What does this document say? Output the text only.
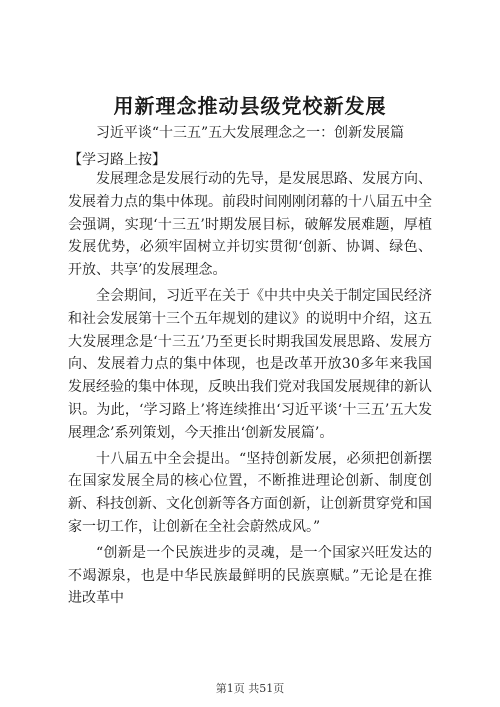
用新理念推动县级党校新发展
习近平谈“十三五”五大发展理念之一：创新发展篇
【学习路上按】

发展理念是发展行动的先导，是发展思路、发展方向、发展着力点的集中体现。前段时间刚刚闭幕的十八届五中全会强调，实现‘十三五’时期发展目标，破解发展难题，厚植发展优势，必须牢固树立并切实贯彻‘创新、协调、绿色、开放、共享’的发展理念。

全会期间，习近平在关于《中共中央关于制定国民经济和社会发展第十三个五年规划的建议》的说明中介绍，这五大发展理念是‘十三五’乃至更长时期我国发展思路、发展方向、发展着力点的集中体现，也是改革开放30多年来我国发展经验的集中体现，反映出我们党对我国发展规律的新认识。为此，‘学习路上’将连续推出‘习近平谈‘十三五’五大发展理念’系列策划，今天推出‘创新发展篇’。

十八届五中全会提出。“坚持创新发展，必须把创新摆在国家发展全局的核心位置，不断推进理论创新、制度创新、科技创新、文化创新等各方面创新，让创新贯穿党和国家一切工作，让创新在全社会蔚然成风。”

“创新是一个民族进步的灵魂，是一个国家兴旺发达的不竭源泉，也是中华民族最鲜明的民族禀赋。”无论是在推进改革中

第1页 共51页
